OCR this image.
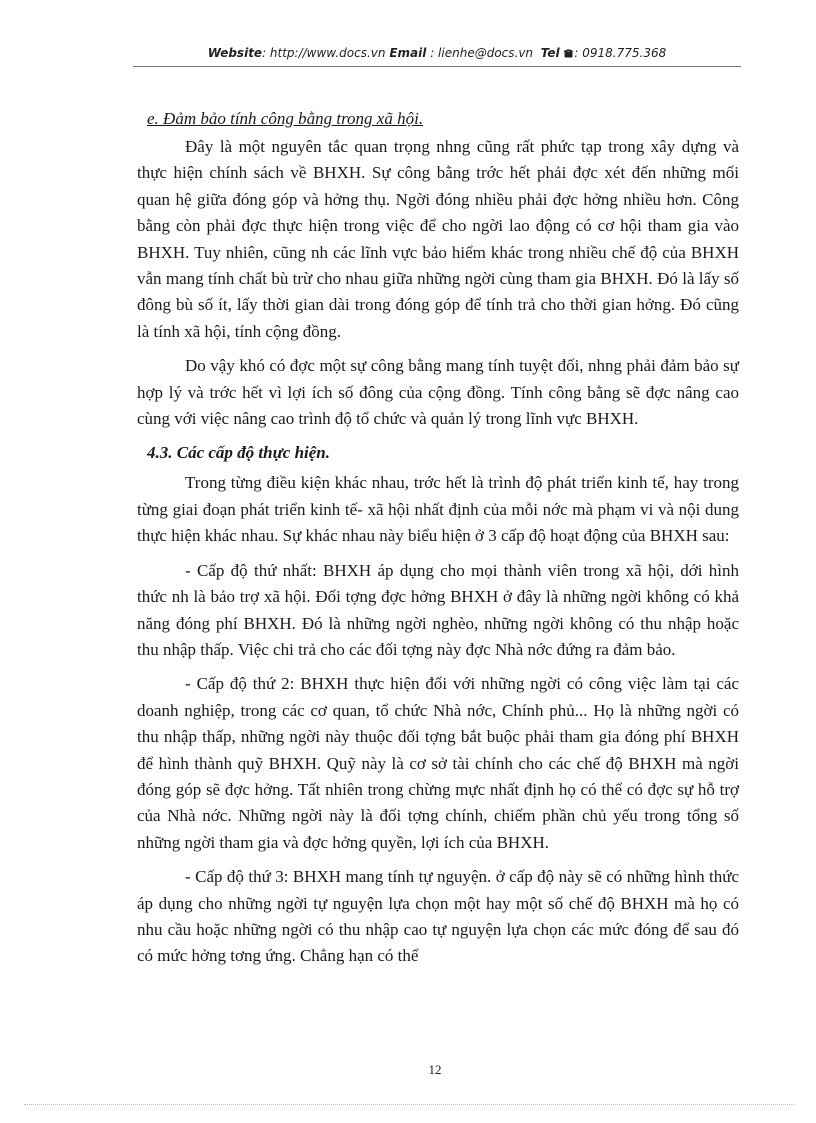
Website: http://www.docs.vn Email : lienhe@docs.vn Tel : 0918.775.368
e. Đảm bảo tính công bằng trong xã hội.

Đây là một nguyên tắc quan trọng nhng cũng rất phức tạp trong xây dựng và thực hiện chính sách về BHXH. Sự công bằng trớc hết phải đợc xét đến những mối quan hệ giữa đóng góp và hởng thụ. Ngời đóng nhiều phải đợc hởng nhiều hơn. Công bằng còn phải đợc thực hiện trong việc để cho ngời lao động có cơ hội tham gia vào BHXH. Tuy nhiên, cũng nh các lĩnh vực bảo hiểm khác trong nhiều chế độ của BHXH vẫn mang tính chất bù trừ cho nhau giữa những ngời cùng tham gia BHXH. Đó là lấy số đông bù số ít, lấy thời gian dài trong đóng góp để tính trả cho thời gian hởng. Đó cũng là tính xã hội, tính cộng đồng.

Do vậy khó có đợc một sự công bằng mang tính tuyệt đối, nhng phải đảm bảo sự hợp lý và trớc hết vì lợi ích số đông của cộng đồng. Tính công bằng sẽ đợc nâng cao cùng với việc nâng cao trình độ tổ chức và quản lý trong lĩnh vực BHXH.

4.3. Các cấp độ thực hiện.

Trong từng điều kiện khác nhau, trớc hết là trình độ phát triển kinh tế, hay trong từng giai đoạn phát triển kinh tế- xã hội nhất định của mỗi nớc mà phạm vi và nội dung thực hiện khác nhau. Sự khác nhau này biểu hiện ở 3 cấp độ hoạt động của BHXH sau:

- Cấp độ thứ nhất: BHXH áp dụng cho mọi thành viên trong xã hội, dới hình thức nh là bảo trợ xã hội. Đối tợng đợc hởng BHXH ở đây là những ngời không có khả năng đóng phí BHXH. Đó là những ngời nghèo, những ngời không có thu nhập hoặc thu nhập thấp. Việc chi trả cho các đối tợng này đợc Nhà nớc đứng ra đảm bảo.

- Cấp độ thứ 2: BHXH thực hiện đối với những ngời có công việc làm tại các doanh nghiệp, trong các cơ quan, tổ chức Nhà nớc, Chính phủ... Họ là những ngời có thu nhập thấp, những ngời này thuộc đối tợng bắt buộc phải tham gia đóng phí BHXH để hình thành quỹ BHXH. Quỹ này là cơ sở tài chính cho các chế độ BHXH mà ngời đóng góp sẽ đợc hởng. Tất nhiên trong chừng mực nhất định họ có thể có đợc sự hỗ trợ của Nhà nớc. Những ngời này là đối tợng chính, chiếm phần chủ yếu trong tổng số những ngời tham gia và đợc hởng quyền, lợi ích của BHXH.

- Cấp độ thứ 3: BHXH mang tính tự nguyện. ở cấp độ này sẽ có những hình thức áp dụng cho những ngời tự nguyện lựa chọn một hay một số chế độ BHXH mà họ có nhu cầu hoặc những ngời có thu nhập cao tự nguyện lựa chọn các mức đóng để sau đó có mức hởng tơng ứng. Chẳng hạn có thể

12
